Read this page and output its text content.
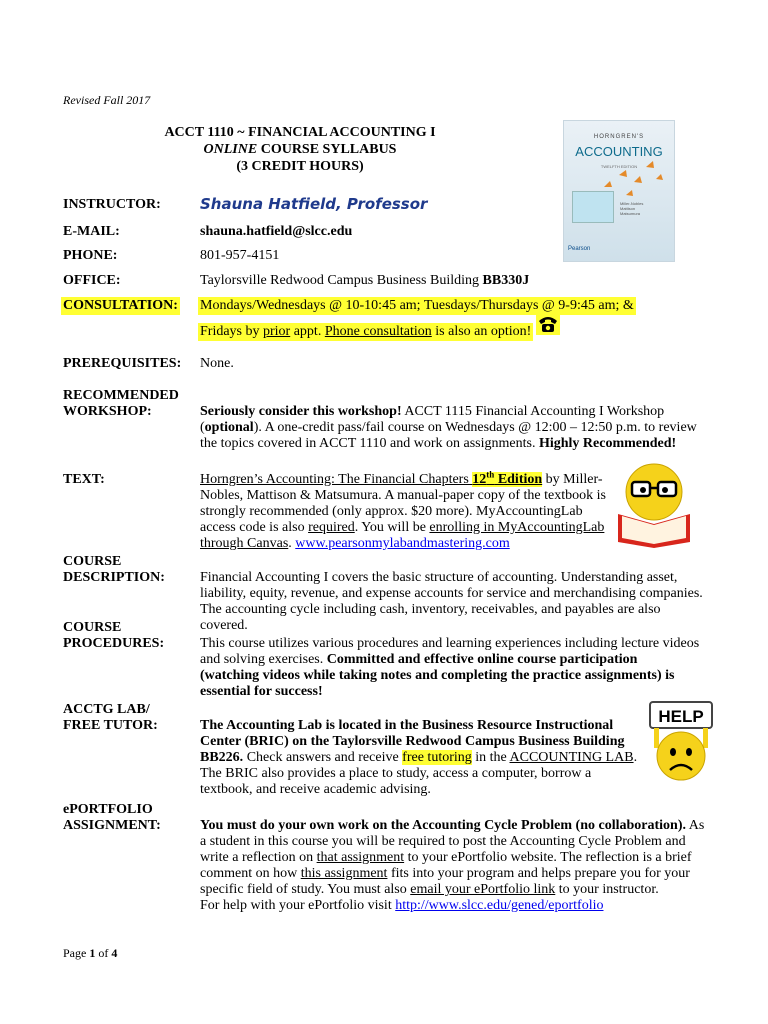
Revised Fall 2017
ACCT 1110 ~ FINANCIAL ACCOUNTING I
ONLINE COURSE SYLLABUS
(3 CREDIT HOURS)
HORNGREN'S
ACCOUNTING
TWELFTH EDITION
Miller-Nobles
Mattison
Matsumura
Pearson
INSTRUCTOR:	Shauna Hatfield, Professor
E-MAIL:	shauna.hatfield@slcc.edu
PHONE:	801-957-4151
OFFICE:	Taylorsville Redwood Campus Business Building BB330J
CONSULTATION: Mondays/Wednesdays @ 10-10:45 am; Tuesdays/Thursdays @ 9-9:45 am; &
Fridays by prior appt. Phone consultation is also an option!
PREREQUISITES: None.
RECOMMENDED
WORKSHOP:	Seriously consider this workshop! ACCT 1115 Financial Accounting I Workshop (optional). A one-credit pass/fail course on Wednesdays @ 12:00 – 12:50 p.m. to review the topics covered in ACCT 1110 and work on assignments. Highly Recommended!
TEXT:	Horngren’s Accounting: The Financial Chapters 12th Edition by Miller-Nobles, Mattison & Matsumura. A manual-paper copy of the textbook is strongly recommended (only approx. $20 more). MyAccountingLab access code is also required. You will be enrolling in MyAccountingLab through Canvas. www.pearsonmylabandmastering.com
COURSE
DESCRIPTION:	Financial Accounting I covers the basic structure of accounting. Understanding asset, liability, equity, revenue, and expense accounts for service and merchandising companies. The accounting cycle including cash, inventory, receivables, and payables are also covered.
COURSE
PROCEDURES:	This course utilizes various procedures and learning experiences including lecture videos and solving exercises. Committed and effective online course participation (watching videos while taking notes and completing the practice assignments) is essential for success!
ACCTG LAB/
FREE TUTOR:	The Accounting Lab is located in the Business Resource Instructional Center (BRIC) on the Taylorsville Redwood Campus Business Building BB226. Check answers and receive free tutoring in the ACCOUNTING LAB. The BRIC also provides a place to study, access a computer, borrow a textbook, and receive academic advising.
HELP
ePORTFOLIO
ASSIGNMENT:	You must do your own work on the Accounting Cycle Problem (no collaboration). As a student in this course you will be required to post the Accounting Cycle Problem and write a reflection on that assignment to your ePortfolio website. The reflection is a brief comment on how this assignment fits into your program and helps prepare you for your specific field of study. You must also email your ePortfolio link to your instructor.
For help with your ePortfolio visit http://www.slcc.edu/gened/eportfolio
Page 1 of 4
